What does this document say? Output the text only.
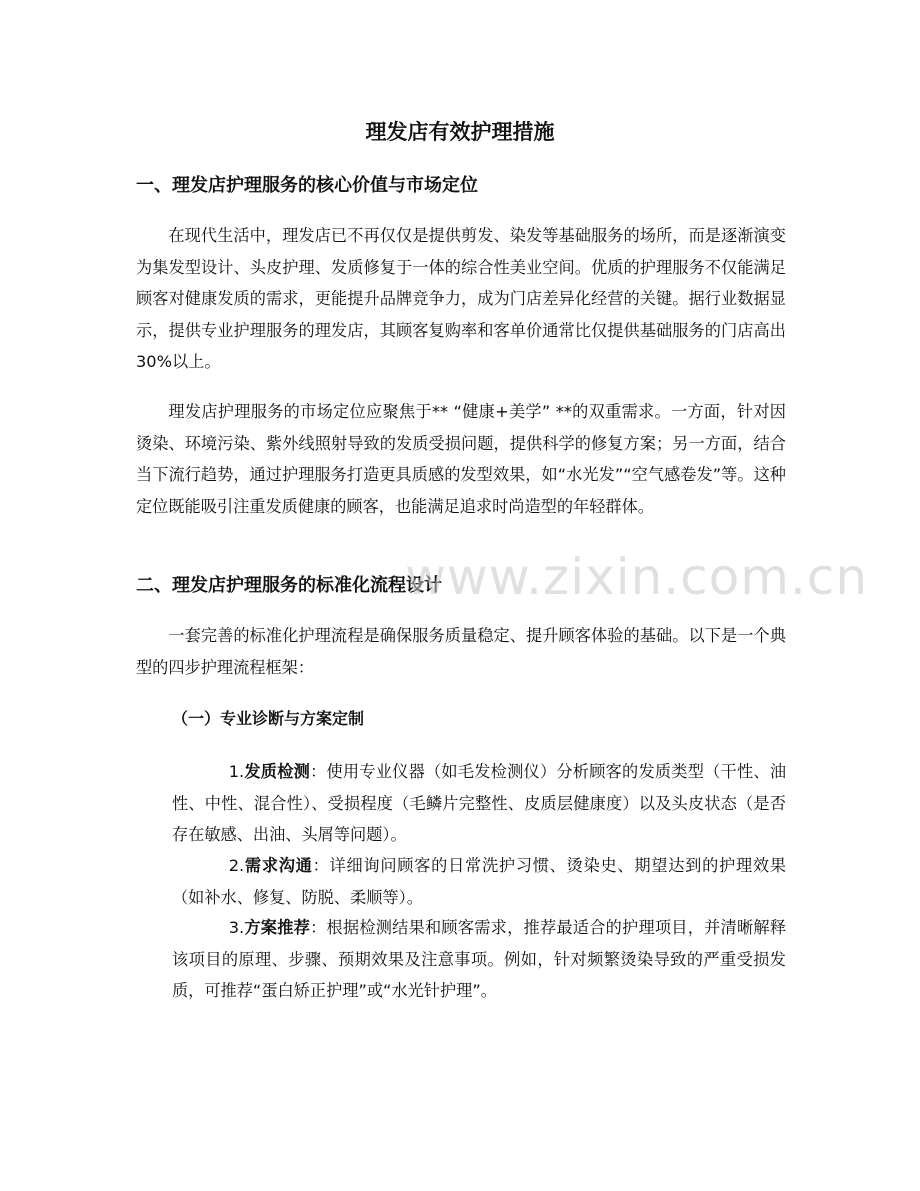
理发店有效护理措施
一、理发店护理服务的核心价值与市场定位

在现代生活中，理发店已不再仅仅是提供剪发、染发等基础服务的场所，而是逐渐演变为集发型设计、头皮护理、发质修复于一体的综合性美业空间。优质的护理服务不仅能满足顾客对健康发质的需求，更能提升品牌竞争力，成为门店差异化经营的关键。据行业数据显示，提供专业护理服务的理发店，其顾客复购率和客单价通常比仅提供基础服务的门店高出 30%以上。

理发店护理服务的市场定位应聚焦于** “健康+美学” **的双重需求。一方面，针对因烫染、环境污染、紫外线照射导致的发质受损问题，提供科学的修复方案；另一方面，结合当下流行趋势，通过护理服务打造更具质感的发型效果，如“水光发”“空气感卷发”等。这种定位既能吸引注重发质健康的顾客，也能满足追求时尚造型的年轻群体。

二、理发店护理服务的标准化流程设计

一套完善的标准化护理流程是确保服务质量稳定、提升顾客体验的基础。以下是一个典型的四步护理流程框架：

（一）专业诊断与方案定制

1.发质检测：使用专业仪器（如毛发检测仪）分析顾客的发质类型（干性、油性、中性、混合性）、受损程度（毛鳞片完整性、皮质层健康度）以及头皮状态（是否存在敏感、出油、头屑等问题）。

2.需求沟通：详细询问顾客的日常洗护习惯、烫染史、期望达到的护理效果（如补水、修复、防脱、柔顺等）。

3.方案推荐：根据检测结果和顾客需求，推荐最适合的护理项目，并清晰解释该项目的原理、步骤、预期效果及注意事项。例如，针对频繁烫染导致的严重受损发质，可推荐“蛋白矫正护理”或“水光针护理”。

www.zixin.com.cn
